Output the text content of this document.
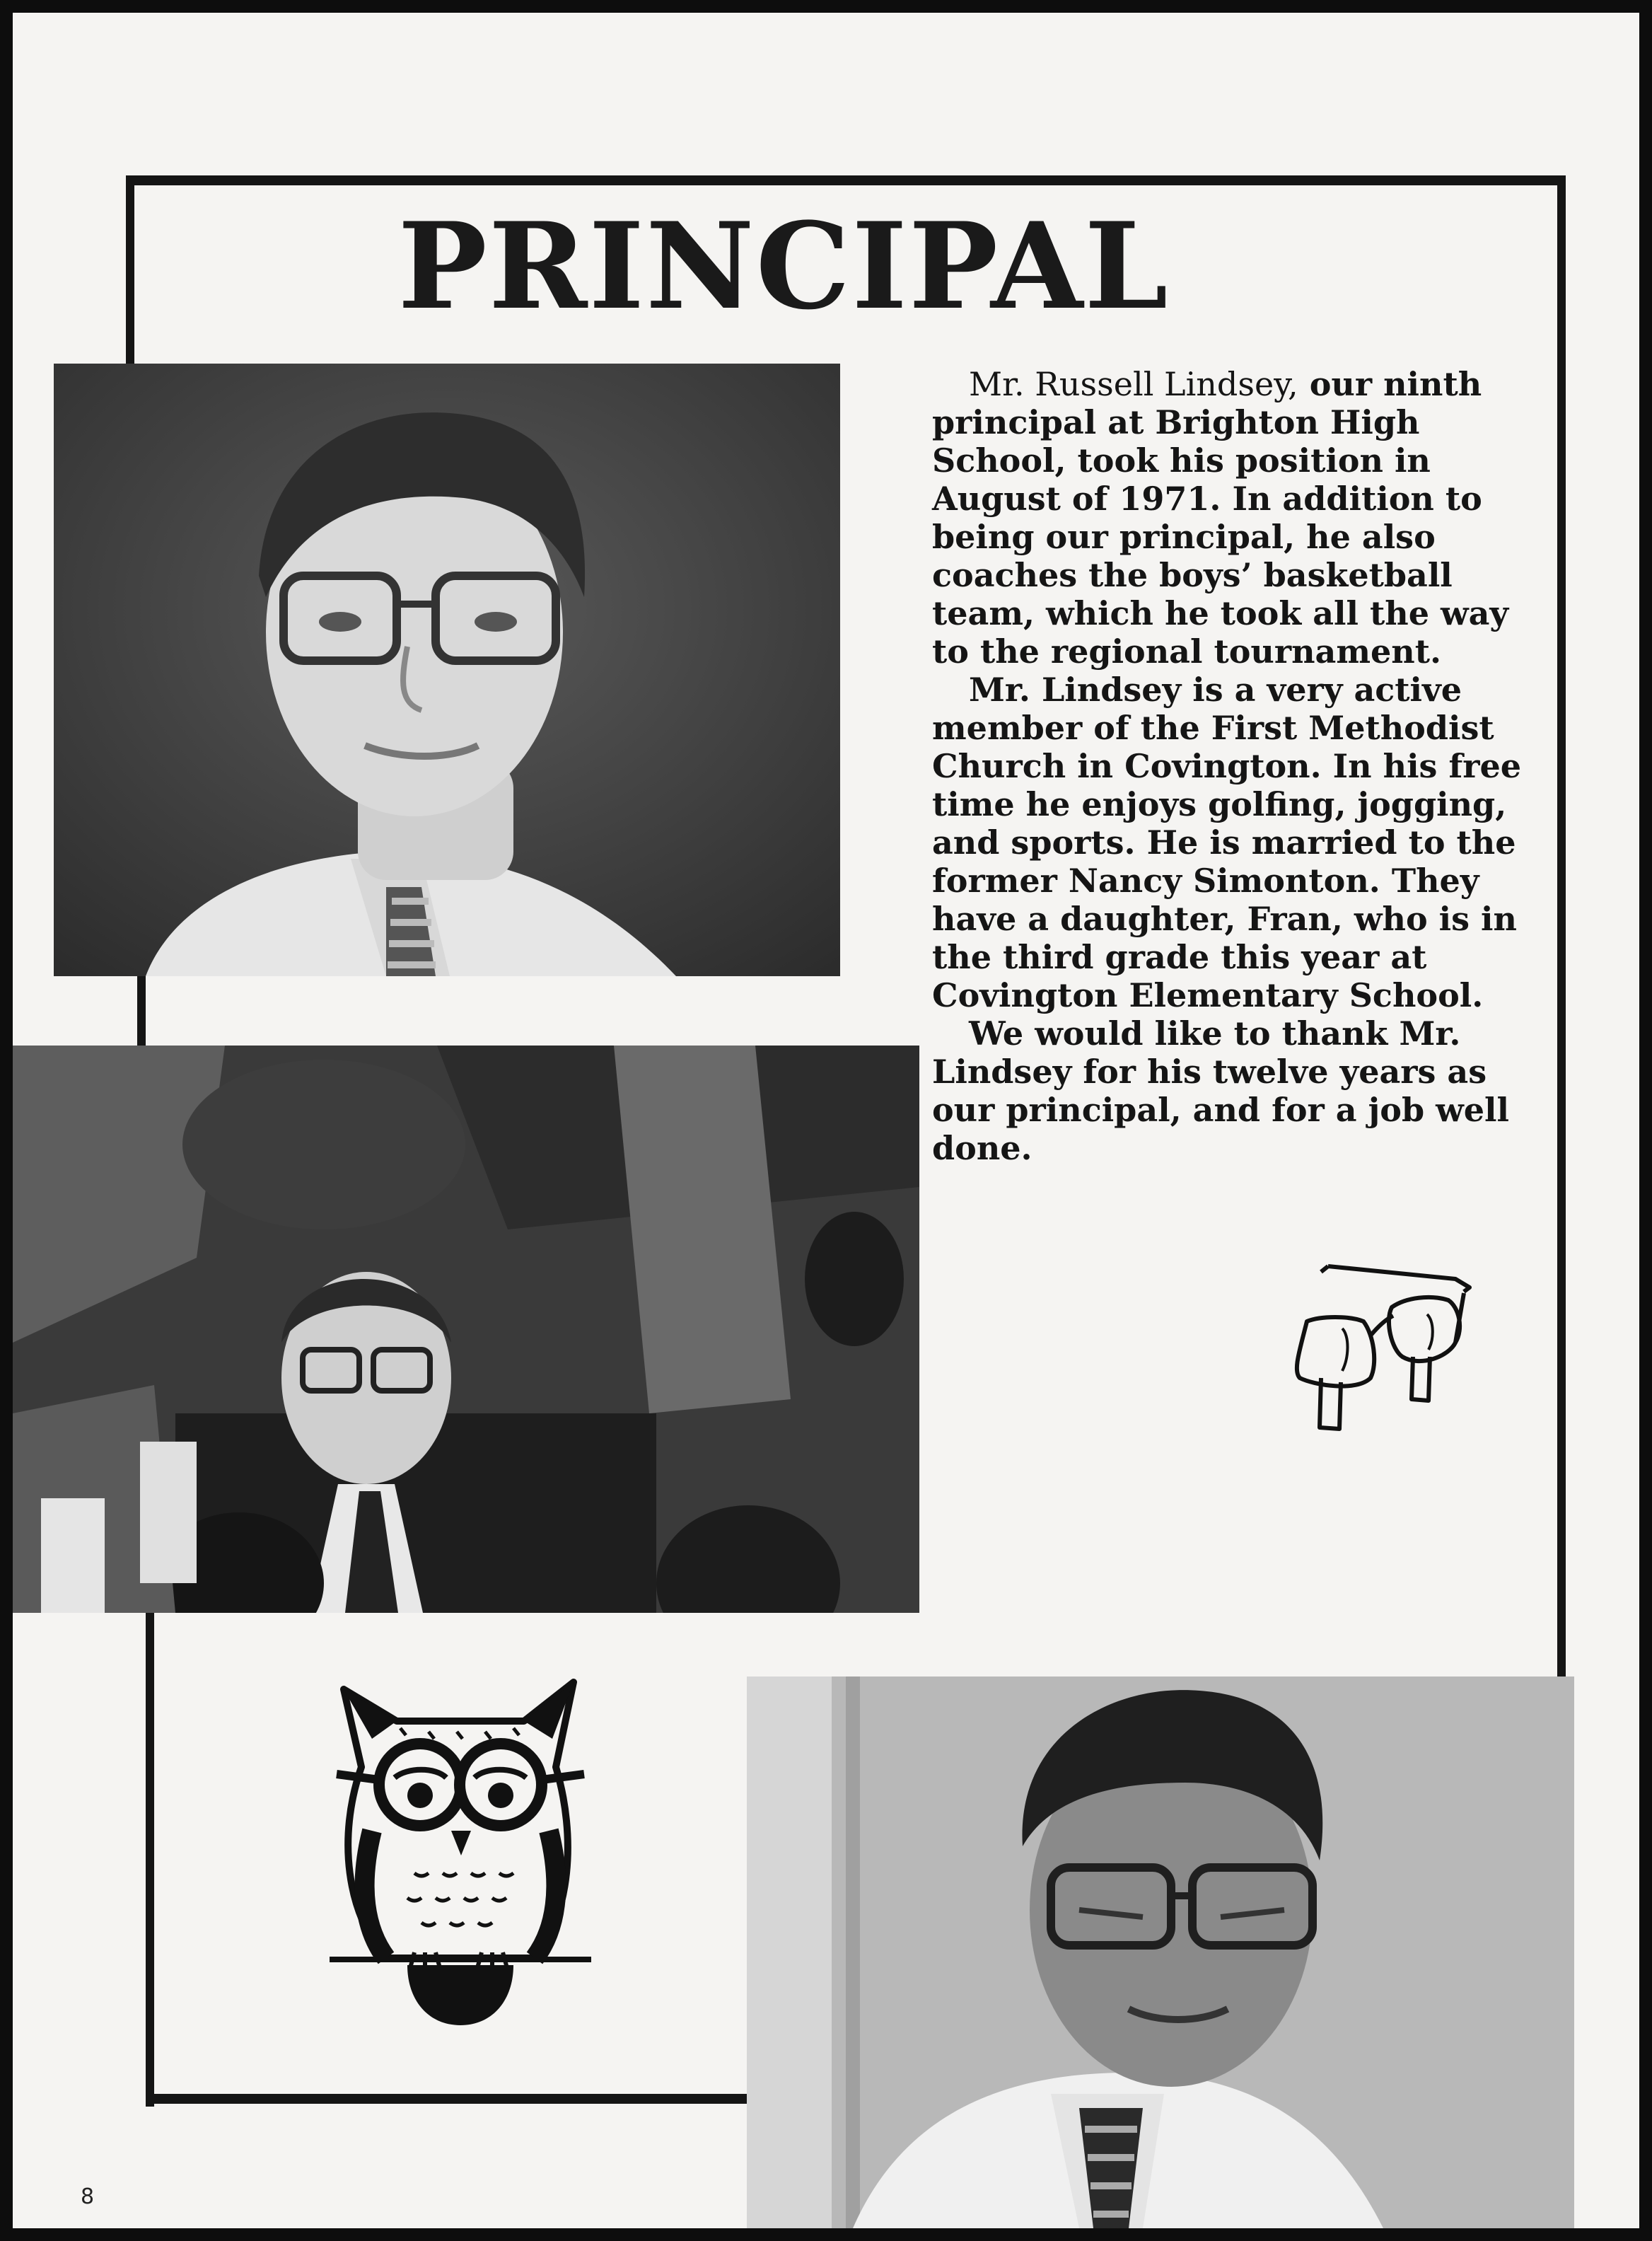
PRINCIPAL

Mr. Russell Lindsey, our ninth principal at Brighton High School, took his position in August of 1971. In addition to being our principal, he also coaches the boys’ basketball team, which he took all the way to the regional tournament.

Mr. Lindsey is a very active member of the First Methodist Church in Covington. In his free time he enjoys golfing, jogging, and sports. He is married to the former Nancy Simonton. They have a daughter, Fran, who is in the third grade this year at Covington Elementary School.

We would like to thank Mr. Lindsey for his twelve years as our principal, and for a job well done.

8
